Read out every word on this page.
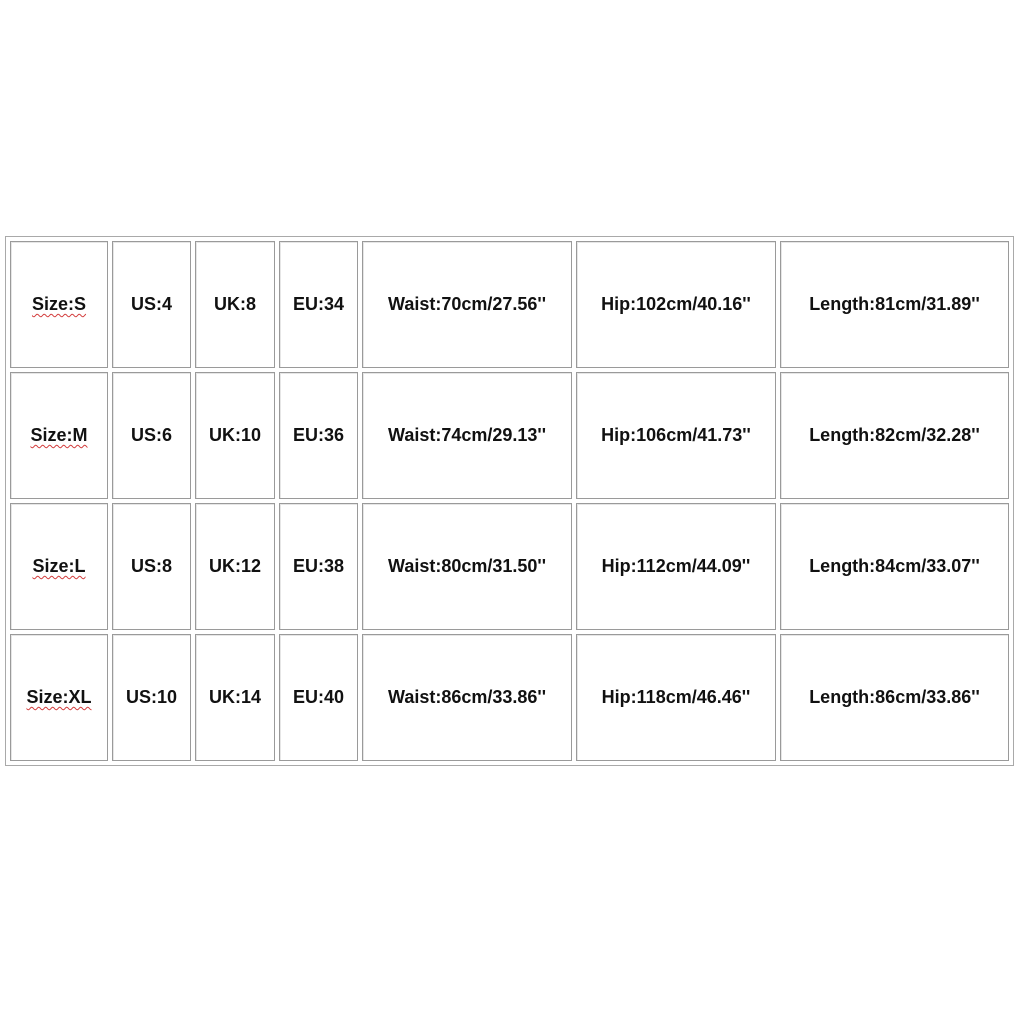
Size:S	US:4	UK:8	EU:34	Waist:70cm/27.56''	Hip:102cm/40.16''	Length:81cm/31.89''
Size:M	US:6	UK:10	EU:36	Waist:74cm/29.13''	Hip:106cm/41.73''	Length:82cm/32.28''
Size:L	US:8	UK:12	EU:38	Waist:80cm/31.50''	Hip:112cm/44.09''	Length:84cm/33.07''
Size:XL	US:10	UK:14	EU:40	Waist:86cm/33.86''	Hip:118cm/46.46''	Length:86cm/33.86''
